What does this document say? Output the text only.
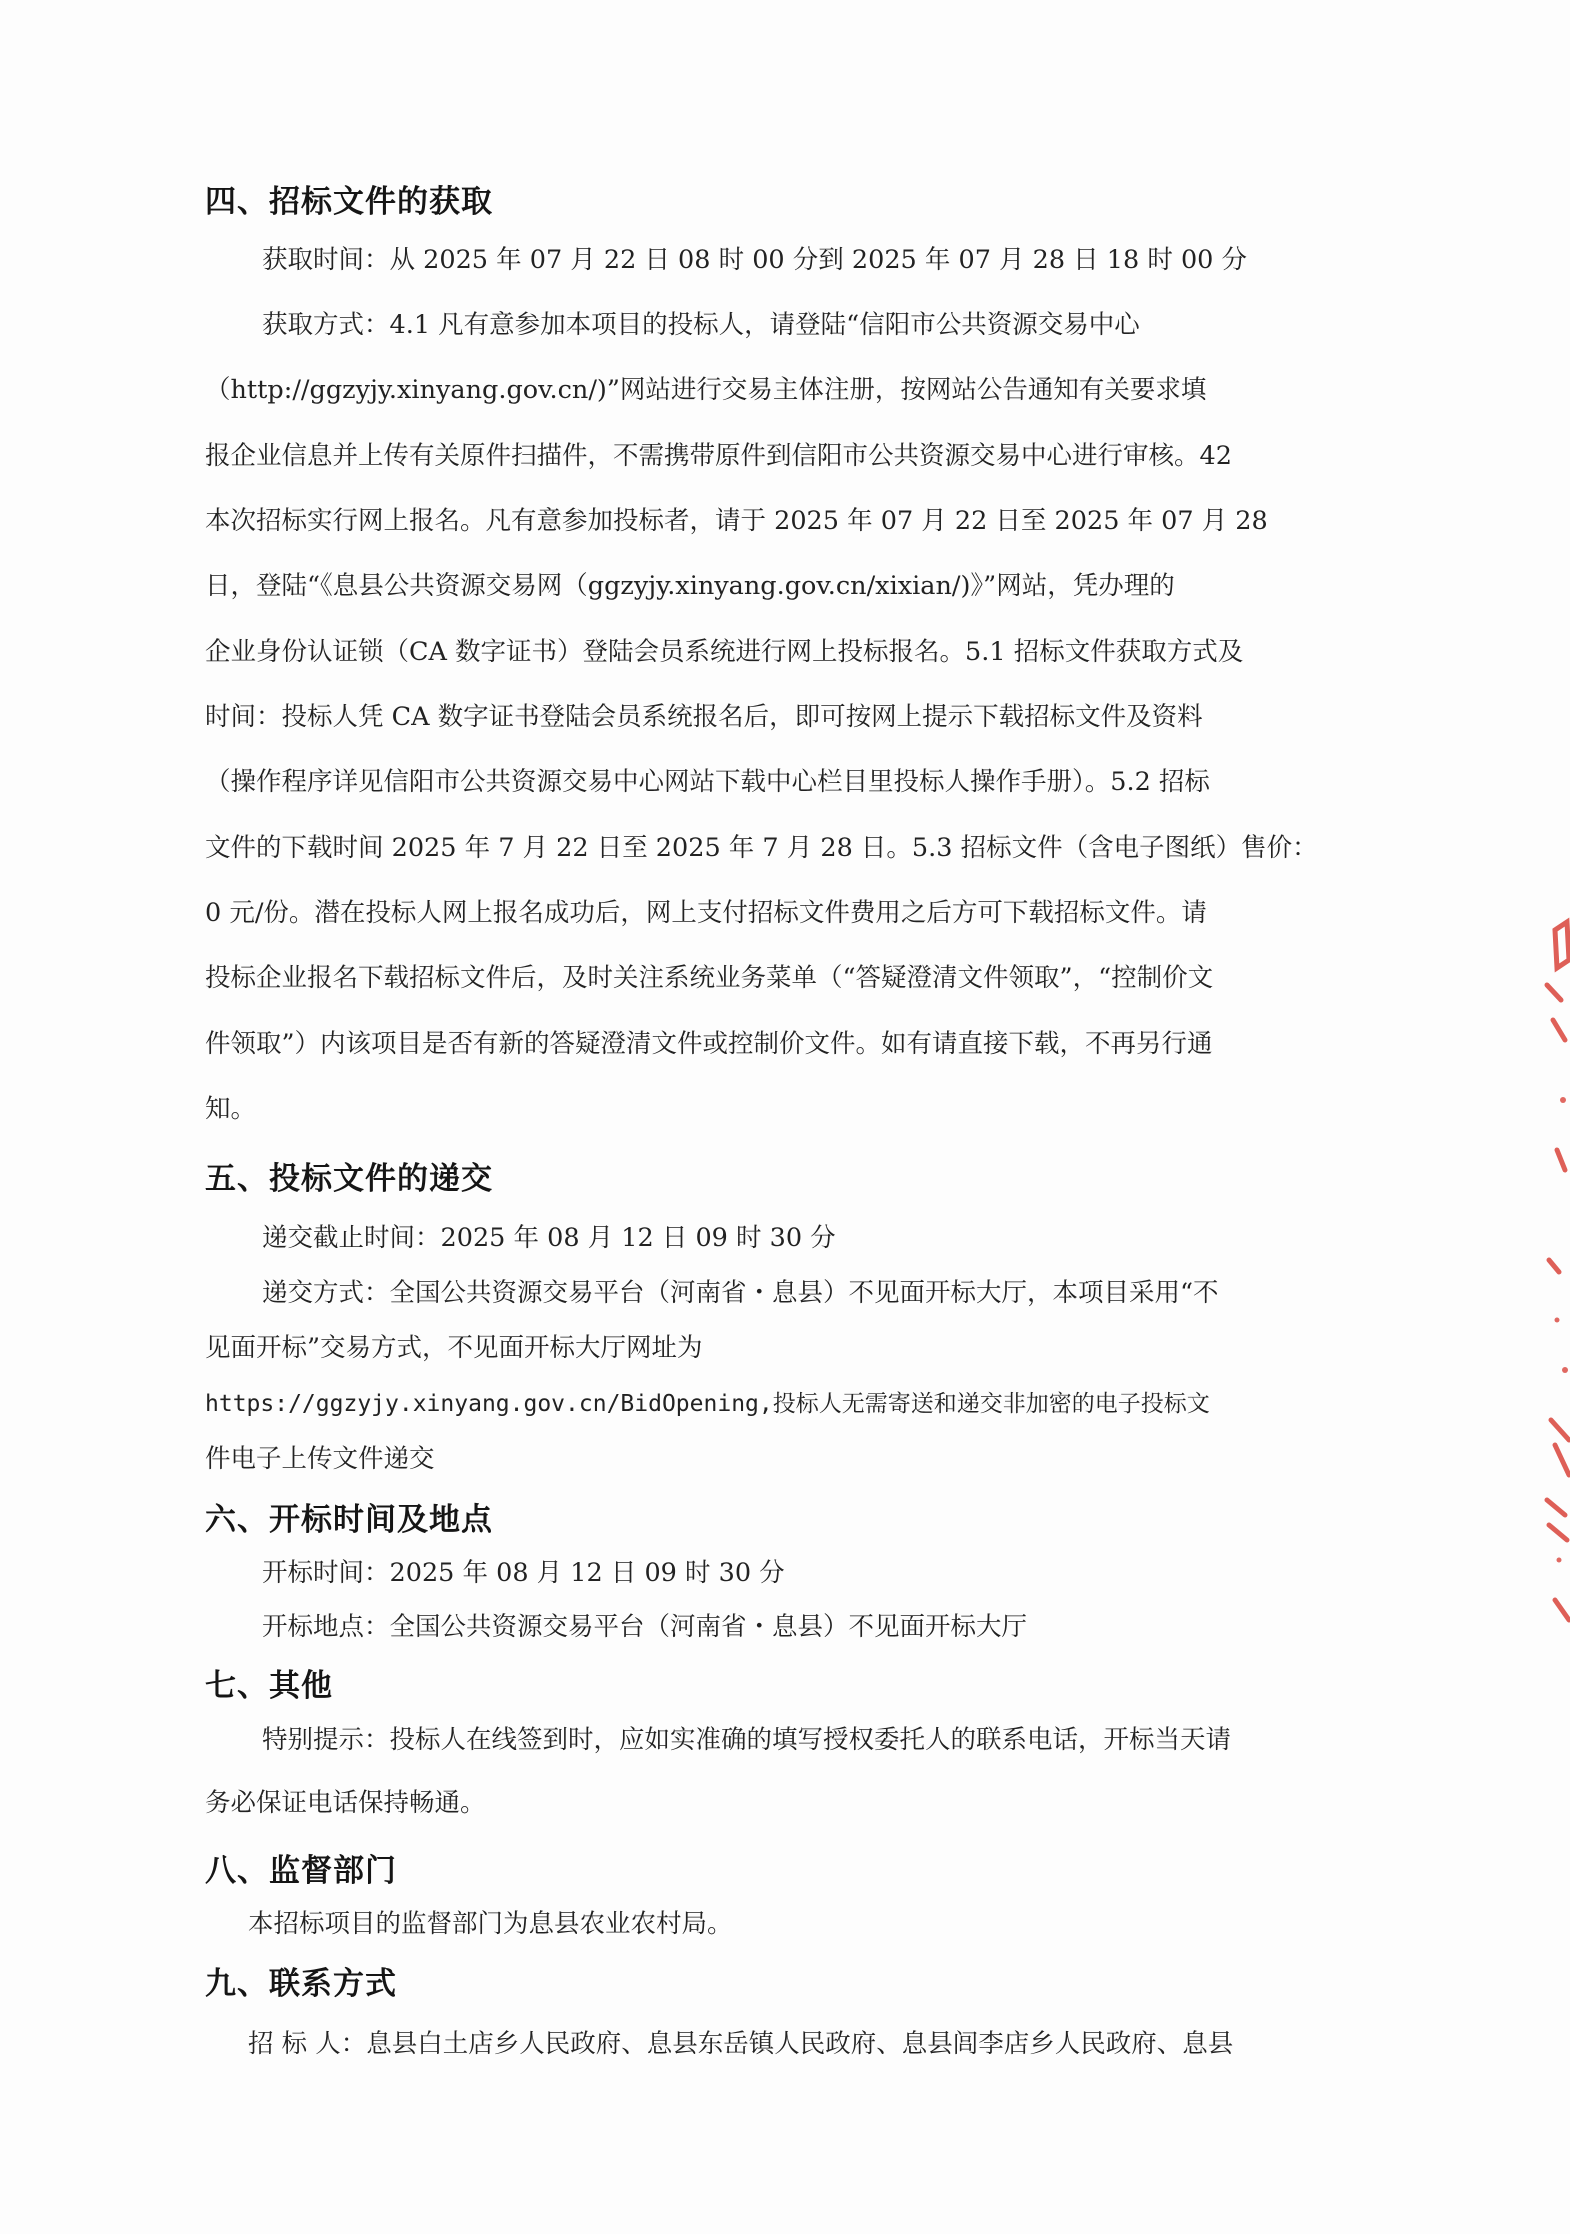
四、招标文件的获取
获取时间：从 2025 年 07 月 22 日 08 时 00 分到 2025 年 07 月 28 日 18 时 00 分
获取方式：4.1 凡有意参加本项目的投标人，请登陆“信阳市公共资源交易中心
（http://ggzyjy.xinyang.gov.cn/)”网站进行交易主体注册，按网站公告通知有关要求填
报企业信息并上传有关原件扫描件，不需携带原件到信阳市公共资源交易中心进行审核。42
本次招标实行网上报名。凡有意参加投标者，请于 2025 年 07 月 22 日至 2025 年 07 月 28
日，登陆“《息县公共资源交易网（ggzyjy.xinyang.gov.cn/xixian/)》”网站，凭办理的
企业身份认证锁（CA 数字证书）登陆会员系统进行网上投标报名。5.1 招标文件获取方式及
时间：投标人凭 CA 数字证书登陆会员系统报名后，即可按网上提示下载招标文件及资料
（操作程序详见信阳市公共资源交易中心网站下载中心栏目里投标人操作手册）。5.2 招标
文件的下载时间 2025 年 7 月 22 日至 2025 年 7 月 28 日。5.3 招标文件（含电子图纸）售价：
0 元/份。潜在投标人网上报名成功后，网上支付招标文件费用之后方可下载招标文件。请
投标企业报名下载招标文件后，及时关注系统业务菜单（“答疑澄清文件领取”，“控制价文
件领取”）内该项目是否有新的答疑澄清文件或控制价文件。如有请直接下载，不再另行通
知。
五、投标文件的递交
递交截止时间：2025 年 08 月 12 日 09 时 30 分
递交方式：全国公共资源交易平台（河南省・息县）不见面开标大厅，本项目采用“不
见面开标”交易方式，不见面开标大厅网址为
https://ggzyjy.xinyang.gov.cn/BidOpening,投标人无需寄送和递交非加密的电子投标文
件电子上传文件递交
六、开标时间及地点
开标时间：2025 年 08 月 12 日 09 时 30 分
开标地点：全国公共资源交易平台（河南省・息县）不见面开标大厅
七、其他
特别提示：投标人在线签到时，应如实准确的填写授权委托人的联系电话，开标当天请
务必保证电话保持畅通。
八、监督部门
本招标项目的监督部门为息县农业农村局。
九、联系方式
招 标 人：息县白土店乡人民政府、息县东岳镇人民政府、息县闾李店乡人民政府、息县
